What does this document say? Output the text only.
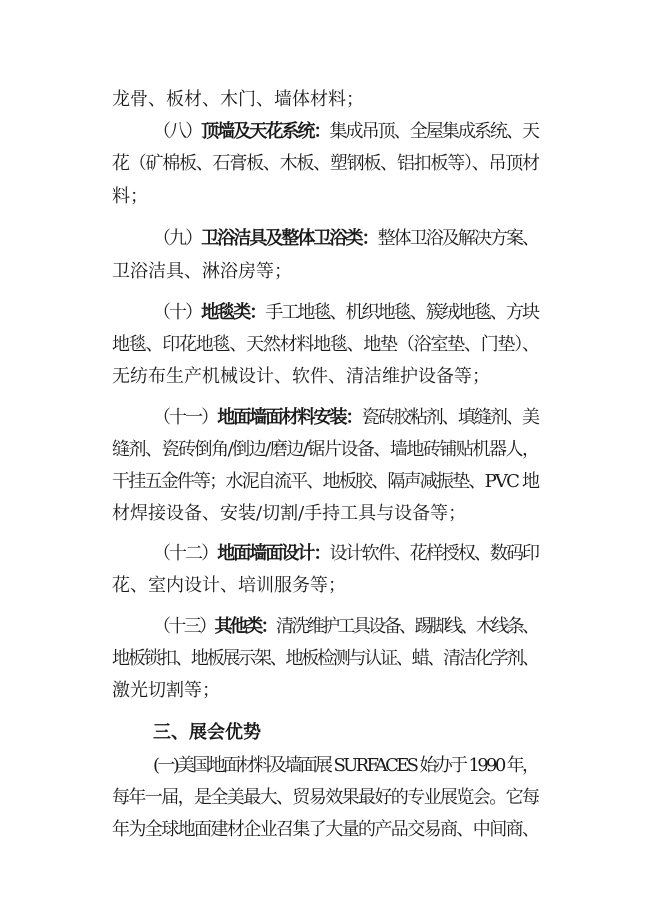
龙骨、板材、木门、墙体材料；
（八）顶墙及天花系统：集成吊顶、全屋集成系统、天
花（矿棉板、石膏板、木板、塑钢板、铝扣板等）、吊顶材
料；
（九）卫浴洁具及整体卫浴类：整体卫浴及解决方案、
卫浴洁具、淋浴房等；
（十）地毯类：手工地毯、机织地毯、簇绒地毯、方块
地毯、印花地毯、天然材料地毯、地垫（浴室垫、门垫）、
无纺布生产机械设计、软件、清洁维护设备等；
（十一）地面墙面材料安装：瓷砖胶粘剂、填缝剂、美
缝剂、瓷砖倒角/倒边/磨边/锯片设备、墙地砖铺贴机器人，
干挂五金件等；水泥自流平、地板胶、隔声减振垫、PVC 地
材焊接设备、安装/切割/手持工具与设备等；
（十二）地面墙面设计：设计软件、花样授权、数码印
花、室内设计、培训服务等；
（十三）其他类：清洗维护工具设备、踢脚线、木线条、
地板锁扣、地板展示架、地板检测与认证、蜡、清洁化学剂、
激光切割等；
三、展会优势
(一)美国地面材料及墙面展 SURFACES 始办于 1990 年，
每年一届，是全美最大、贸易效果最好的专业展览会。它每
年为全球地面建材企业召集了大量的产品交易商、中间商、
